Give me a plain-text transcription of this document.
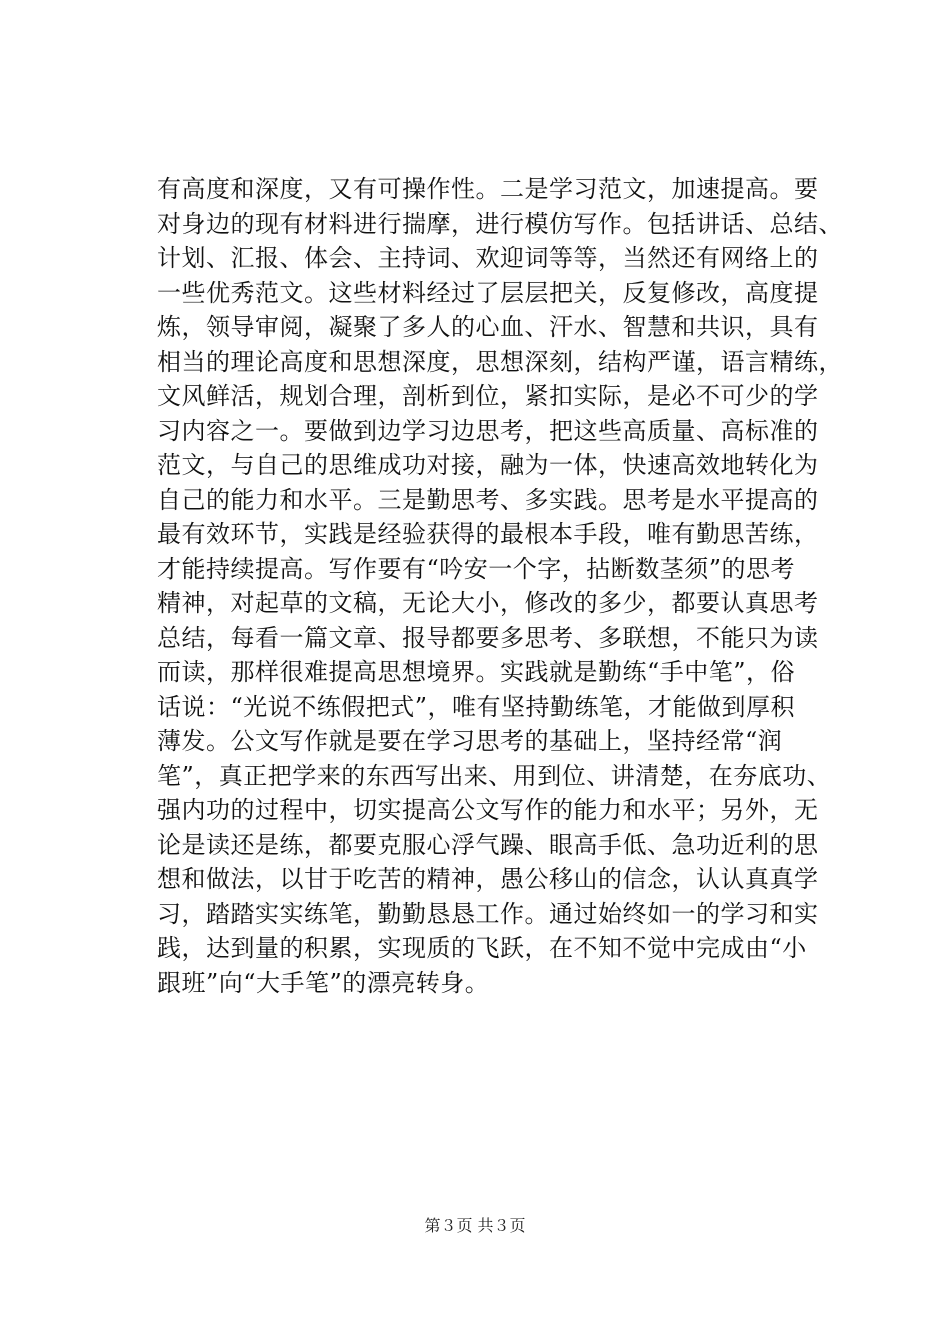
有高度和深度，又有可操作性。二是学习范文，加速提高。要
对身边的现有材料进行揣摩，进行模仿写作。包括讲话、总结、
计划、汇报、体会、主持词、欢迎词等等，当然还有网络上的
一些优秀范文。这些材料经过了层层把关，反复修改，高度提
炼，领导审阅，凝聚了多人的心血、汗水、智慧和共识，具有
相当的理论高度和思想深度，思想深刻，结构严谨，语言精练，
文风鲜活，规划合理，剖析到位，紧扣实际，是必不可少的学
习内容之一。要做到边学习边思考，把这些高质量、高标准的
范文，与自己的思维成功对接，融为一体，快速高效地转化为
自己的能力和水平。三是勤思考、多实践。思考是水平提高的
最有效环节，实践是经验获得的最根本手段，唯有勤思苦练，
才能持续提高。写作要有“吟安一个字，拈断数茎须”的思考
精神，对起草的文稿，无论大小，修改的多少，都要认真思考
总结，每看一篇文章、报导都要多思考、多联想，不能只为读
而读，那样很难提高思想境界。实践就是勤练“手中笔”，俗
话说：“光说不练假把式”，唯有坚持勤练笔，才能做到厚积
薄发。公文写作就是要在学习思考的基础上，坚持经常“润
笔”，真正把学来的东西写出来、用到位、讲清楚，在夯底功、
强内功的过程中，切实提高公文写作的能力和水平；另外，无
论是读还是练，都要克服心浮气躁、眼高手低、急功近利的思
想和做法，以甘于吃苦的精神，愚公移山的信念，认认真真学
习，踏踏实实练笔，勤勤恳恳工作。通过始终如一的学习和实
践，达到量的积累，实现质的飞跃，在不知不觉中完成由“小
跟班”向“大手笔”的漂亮转身。
第３页 共３页
